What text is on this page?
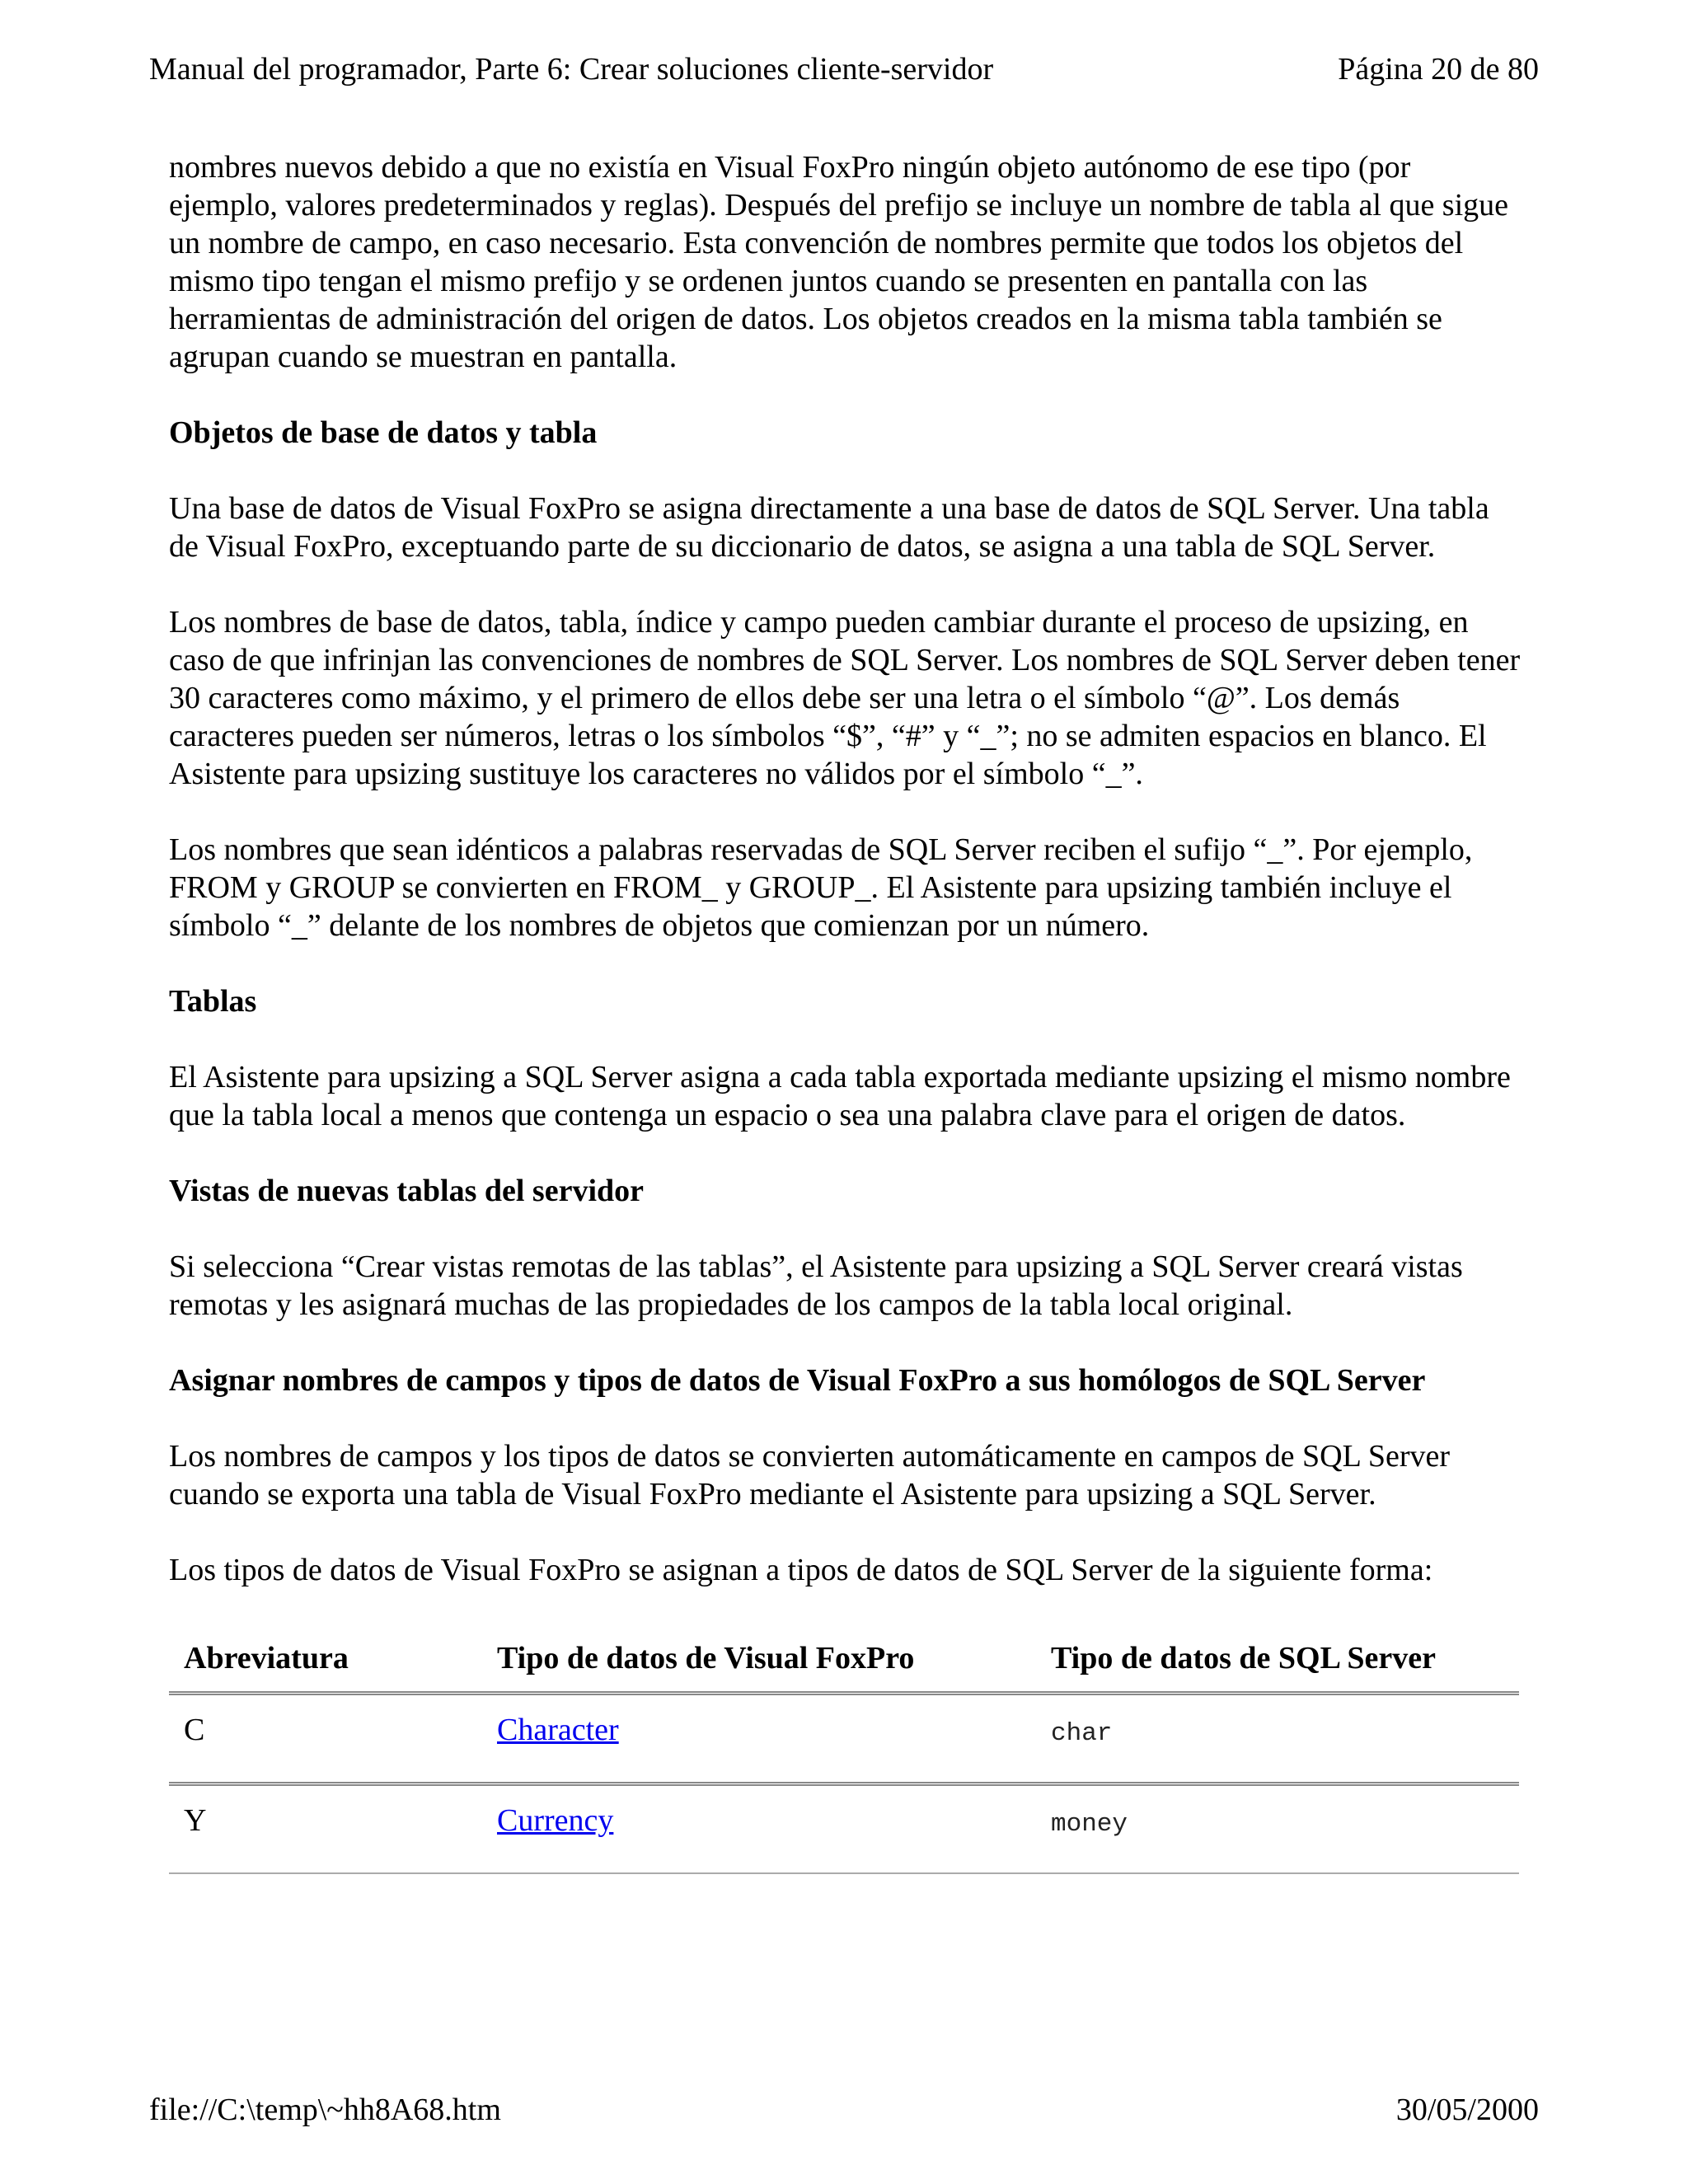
Manual del programador, Parte 6: Crear soluciones cliente-servidor	Página 20 de 80

nombres nuevos debido a que no existía en Visual FoxPro ningún objeto autónomo de ese tipo (por ejemplo, valores predeterminados y reglas). Después del prefijo se incluye un nombre de tabla al que sigue un nombre de campo, en caso necesario. Esta convención de nombres permite que todos los objetos del mismo tipo tengan el mismo prefijo y se ordenen juntos cuando se presenten en pantalla con las herramientas de administración del origen de datos. Los objetos creados en la misma tabla también se agrupan cuando se muestran en pantalla.

Objetos de base de datos y tabla

Una base de datos de Visual FoxPro se asigna directamente a una base de datos de SQL Server. Una tabla de Visual FoxPro, exceptuando parte de su diccionario de datos, se asigna a una tabla de SQL Server.

Los nombres de base de datos, tabla, índice y campo pueden cambiar durante el proceso de upsizing, en caso de que infrinjan las convenciones de nombres de SQL Server. Los nombres de SQL Server deben tener 30 caracteres como máximo, y el primero de ellos debe ser una letra o el símbolo “@”. Los demás caracteres pueden ser números, letras o los símbolos “$”, “#” y “_”; no se admiten espacios en blanco. El Asistente para upsizing sustituye los caracteres no válidos por el símbolo “_”.

Los nombres que sean idénticos a palabras reservadas de SQL Server reciben el sufijo “_”. Por ejemplo, FROM y GROUP se convierten en FROM_ y GROUP_. El Asistente para upsizing también incluye el símbolo “_” delante de los nombres de objetos que comienzan por un número.

Tablas

El Asistente para upsizing a SQL Server asigna a cada tabla exportada mediante upsizing el mismo nombre que la tabla local a menos que contenga un espacio o sea una palabra clave para el origen de datos.

Vistas de nuevas tablas del servidor

Si selecciona “Crear vistas remotas de las tablas”, el Asistente para upsizing a SQL Server creará vistas remotas y les asignará muchas de las propiedades de los campos de la tabla local original.

Asignar nombres de campos y tipos de datos de Visual FoxPro a sus homólogos de SQL Server

Los nombres de campos y los tipos de datos se convierten automáticamente en campos de SQL Server cuando se exporta una tabla de Visual FoxPro mediante el Asistente para upsizing a SQL Server.

Los tipos de datos de Visual FoxPro se asignan a tipos de datos de SQL Server de la siguiente forma:

Abreviatura	Tipo de datos de Visual FoxPro	Tipo de datos de SQL Server
C	Character	char
Y	Currency	money
file://C:\temp\~hh8A68.htm	30/05/2000
